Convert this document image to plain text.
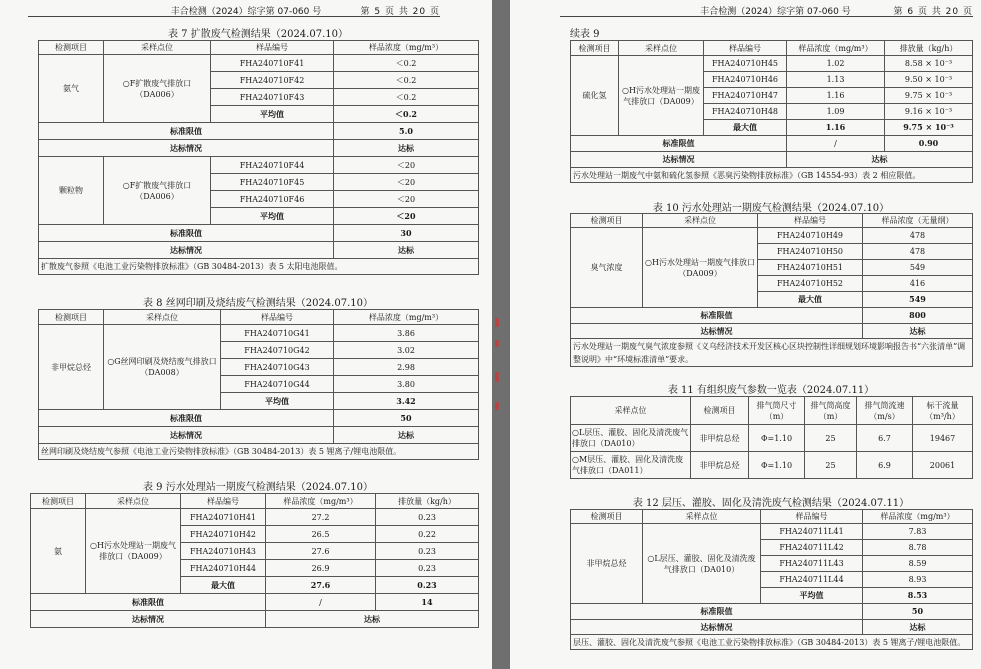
丰合检测（2024）综字第 07-060 号	第 5 页 共 20 页
表 7 扩散废气检测结果（2024.07.10）
检测项目	采样点位	样品编号	样品浓度（mg/m³）
氨气	○F扩散废气排放口（DA006）	FHA240710F41	＜0.2
		FHA240710F42	＜0.2
		FHA240710F43	＜0.2
		平均值	＜0.2
标准限值			5.0
达标情况			达标
颗粒物	○F扩散废气排放口（DA006）	FHA240710F44	＜20
		FHA240710F45	＜20
		FHA240710F46	＜20
		平均值	＜20
标准限值			30
达标情况			达标
扩散废气参照《电池工业污染物排放标准》（GB 30484-2013）表 5 太阳电池限值。			
表 8 丝网印刷及烧结废气检测结果（2024.07.10）
检测项目	采样点位	样品编号	样品浓度（mg/m³）
非甲烷总烃	○G丝网印刷及烧结废气排放口（DA008）	FHA240710G41	3.86
		FHA240710G42	3.02
		FHA240710G43	2.98
		FHA240710G44	3.80
		平均值	3.42
标准限值			50
达标情况			达标
丝网印刷及烧结废气参照《电池工业污染物排放标准》（GB 30484-2013）表 5 锂离子/锂电池限值。			
表 9 污水处理站一期废气检测结果（2024.07.10）
检测项目	采样点位	样品编号	样品浓度（mg/m³）	排放量（kg/h）
氨	○H污水处理站一期废气排放口（DA009）	FHA240710H41	27.2	0.23
		FHA240710H42	26.5	0.22
		FHA240710H43	27.6	0.23
		FHA240710H44	26.9	0.23
		最大值	27.6	0.23
标准限值			/	14
达标情况			达标	
丰合检测（2024）综字第 07-060 号	第 6 页 共 20 页
续表 9
检测项目	采样点位	样品编号	样品浓度（mg/m³）	排放量（kg/h）
硫化氢	○H污水处理站一期废气排放口（DA009）	FHA240710H45	1.02	8.58 × 10⁻³
		FHA240710H46	1.13	9.50 × 10⁻³
		FHA240710H47	1.16	9.75 × 10⁻³
		FHA240710H48	1.09	9.16 × 10⁻³
		最大值	1.16	9.75 × 10⁻³
标准限值			/	0.90
达标情况			达标	
污水处理站一期废气中氨和硫化氢参照《恶臭污染物排放标准》（GB 14554-93）表 2 相应限值。				
表 10 污水处理站一期废气检测结果（2024.07.10）
检测项目	采样点位	样品编号	样品浓度（无量纲）
臭气浓度	○H污水处理站一期废气排放口（DA009）	FHA240710H49	478
		FHA240710H50	478
		FHA240710H51	549
		FHA240710H52	416
		最大值	549
标准限值			800
达标情况			达标
污水处理站一期废气臭气浓度参照《义乌经济技术开发区核心区块控制性详细规划环境影响报告书“六张清单”调整说明》中“环境标准清单”要求。			
表 11 有组织废气参数一览表（2024.07.11）
采样点位	检测项目	排气筒尺寸（m）	排气筒高度（m）	排气筒流速（m/s）	标干流量（m³/h）
○L层压、灌胶、固化及清洗废气排放口（DA010）	非甲烷总烃	Φ=1.10	25	6.7	19467
○M层压、灌胶、固化及清洗废气排放口（DA011）	非甲烷总烃	Φ=1.10	25	6.9	20061
表 12 层压、灌胶、固化及清洗废气检测结果（2024.07.11）
检测项目	采样点位	样品编号	样品浓度（mg/m³）
非甲烷总烃	○L层压、灌胶、固化及清洗废气排放口（DA010）	FHA240711L41	7.83
		FHA240711L42	8.78
		FHA240711L43	8.59
		FHA240711L44	8.93
		平均值	8.53
标准限值			50
达标情况			达标
层压、灌胶、固化及清洗废气参照《电池工业污染物排放标准》（GB 30484-2013）表 5 锂离子/锂电池限值。			
